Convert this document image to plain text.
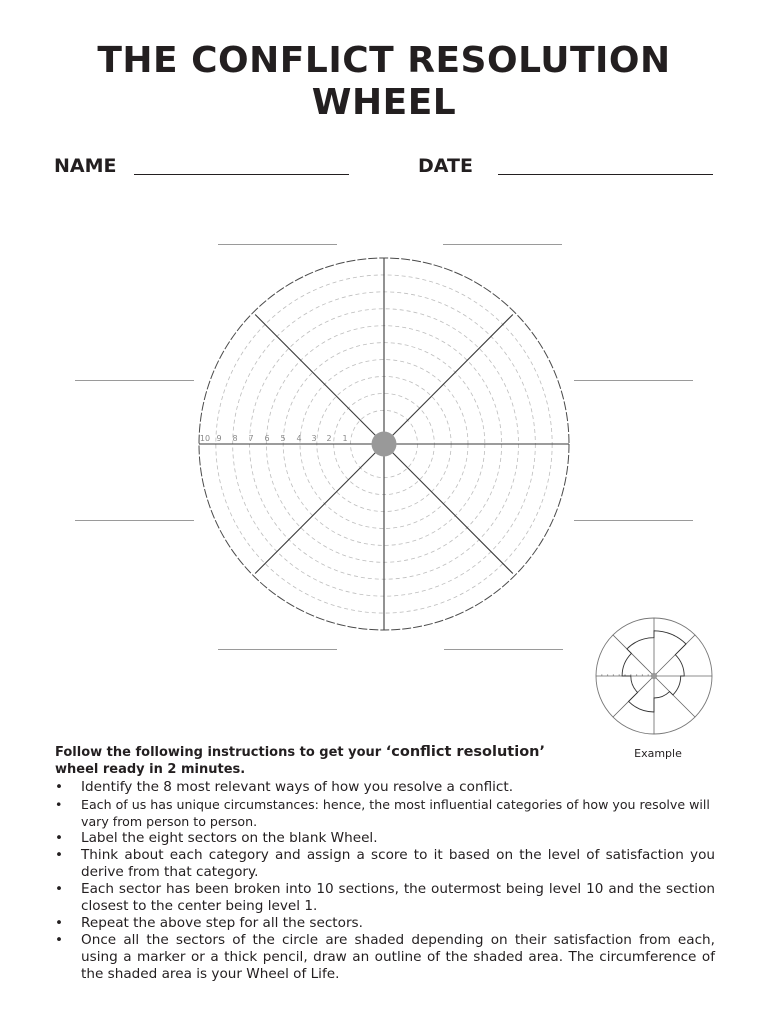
THE CONFLICT RESOLUTION
WHEEL
NAME	DATE
10 9 8 7 6 5 4 3 2 1
Example

Follow the following instructions to get your ‘conflict resolution’ wheel ready in 2 minutes.

• Identify the 8 most relevant ways of how you resolve a conflict.
• Each of us has unique circumstances: hence, the most influential categories of how you resolve will vary from person to person.
• Label the eight sectors on the blank Wheel.
• Think about each category and assign a score to it based on the level of satisfaction you derive from that category.
• Each sector has been broken into 10 sections, the outermost being level 10 and the section closest to the center being level 1.
• Repeat the above step for all the sectors.
• Once all the sectors of the circle are shaded depending on their satisfaction from each, using a marker or a thick pencil, draw an outline of the shaded area. The circumference of the shaded area is your Wheel of Life.
